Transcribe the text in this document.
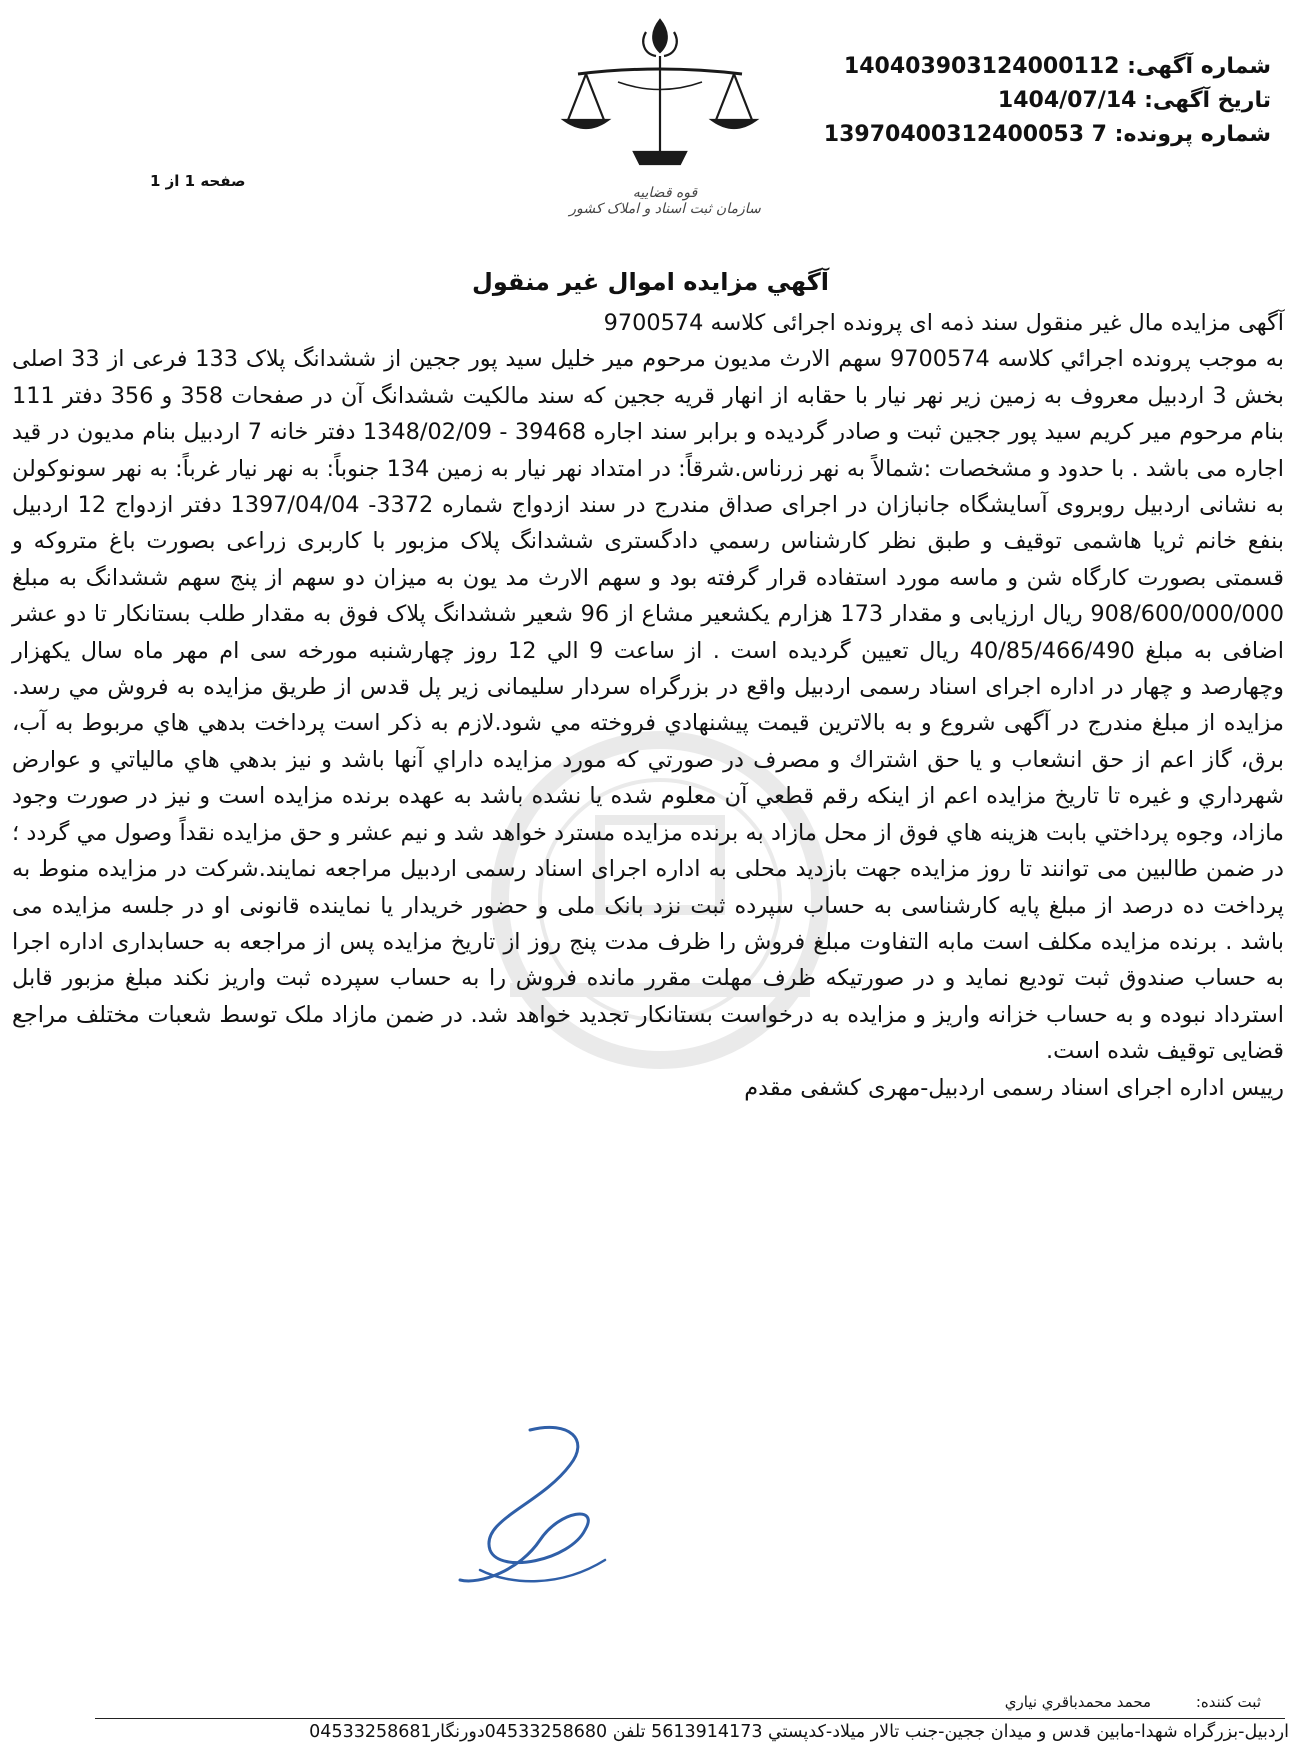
شماره آگهی: 140403903124000112
تاریخ آگهی: 1404/07/14
شماره پرونده: 13970400312400053 7
قوه قضاییه
سازمان ثبت اسناد و املاک کشور
صفحه 1 از 1
آگهي مزايده اموال غير منقول

آگهی مزایده مال غیر منقول سند ذمه ای پرونده اجرائی کلاسه 9700574

به موجب پرونده اجرائي كلاسه 9700574 سهم الارث مدیون مرحوم میر خلیل سید پور ججین از ششدانگ پلاک 133 فرعی از 33 اصلی بخش 3 اردبیل معروف به زمین زیر نهر نیار با حقابه از انهار قریه ججین که سند مالکیت ششدانگ آن در صفحات 358 و 356 دفتر 111 بنام مرحوم میر کریم سید پور ججین ثبت و صادر گردیده و برابر سند اجاره 39468 - 1348/02/09 دفتر خانه 7 اردبیل بنام مدیون در قید اجاره می باشد . با حدود و مشخصات :شمالاً به نهر زرناس.شرقاً: در امتداد نهر نیار به زمین 134 جنوباً: به نهر نیار غرباً: به نهر سونوکولن به نشانی اردبیل روبروی آسایشگاه جانبازان در اجرای صداق مندرج در سند ازدواج شماره 3372- 1397/04/04 دفتر ازدواج 12 اردبیل بنفع خانم ثریا هاشمی توقیف و طبق نظر کارشناس رسمي دادگستری ششدانگ پلاک مزبور با کاربری زراعی بصورت باغ متروکه و قسمتی بصورت کارگاه شن و ماسه مورد استفاده قرار گرفته بود و سهم الارث مد یون به میزان دو سهم از پنج سهم ششدانگ به مبلغ 908/600/000/000 ریال ارزیابی و مقدار 173 هزارم یکشعیر مشاع از 96 شعیر ششدانگ پلاک فوق به مقدار طلب بستانکار تا دو عشر اضافی به مبلغ 40/85/466/490 ریال تعیین گردیده است . از ساعت 9 الي 12 روز چهارشنبه مورخه سی ام مهر ماه سال یکهزار وچهارصد و چهار در اداره اجرای اسناد رسمی اردبیل واقع در بزرگراه سردار سلیمانی زیر پل قدس از طریق مزایده به فروش مي رسد. مزايده از مبلغ مندرج در آگهی شروع و به بالاترين قيمت پيشنهادي فروخته مي شود.لازم به ذكر است پرداخت بدهي هاي مربوط به آب، برق، گاز اعم از حق انشعاب و يا حق اشتراك و مصرف در صورتي كه مورد مزايده داراي آنها باشد و نيز بدهي هاي مالياتي و عوارض شهرداري و غيره تا تاريخ مزايده اعم از اينكه رقم قطعي آن معلوم شده يا نشده باشد به عهده برنده مزايده است و نيز در صورت وجود مازاد، وجوه پرداختي بابت هزينه هاي فوق از محل مازاد به برنده مزايده مسترد خواهد شد و نيم عشر و حق مزايده نقداً وصول مي گردد ؛ در ضمن طالبین می توانند تا روز مزایده جهت بازدید محلی به اداره اجرای اسناد رسمی اردبیل مراجعه نمایند.شرکت در مزایده منوط به پرداخت ده درصد از مبلغ پایه کارشناسی به حساب سپرده ثبت نزد بانک ملی و حضور خریدار یا نماینده قانونی او در جلسه مزایده می باشد . برنده مزایده مکلف است مابه التفاوت مبلغ فروش را ظرف مدت پنج روز از تاریخ مزایده پس از مراجعه به حسابداری اداره اجرا به حساب صندوق ثبت تودیع نماید و در صورتیکه ظرف مهلت مقرر مانده فروش را به حساب سپرده ثبت واریز نکند مبلغ مزبور قابل استرداد نبوده و به حساب خزانه واریز و مزایده به درخواست بستانکار تجدید خواهد شد. در ضمن مازاد ملک توسط شعبات مختلف مراجع قضایی توقیف شده است.

رییس اداره اجرای اسناد رسمی اردبیل-مهری کشفی مقدم

ثبت كننده: محمد محمدباقري نياري
اردبیل-بزرگراه شهدا-مابین قدس و میدان ججین-جنب تالار میلاد-کدپستي 5613914173 تلفن 04533258680دورنگار04533258681
